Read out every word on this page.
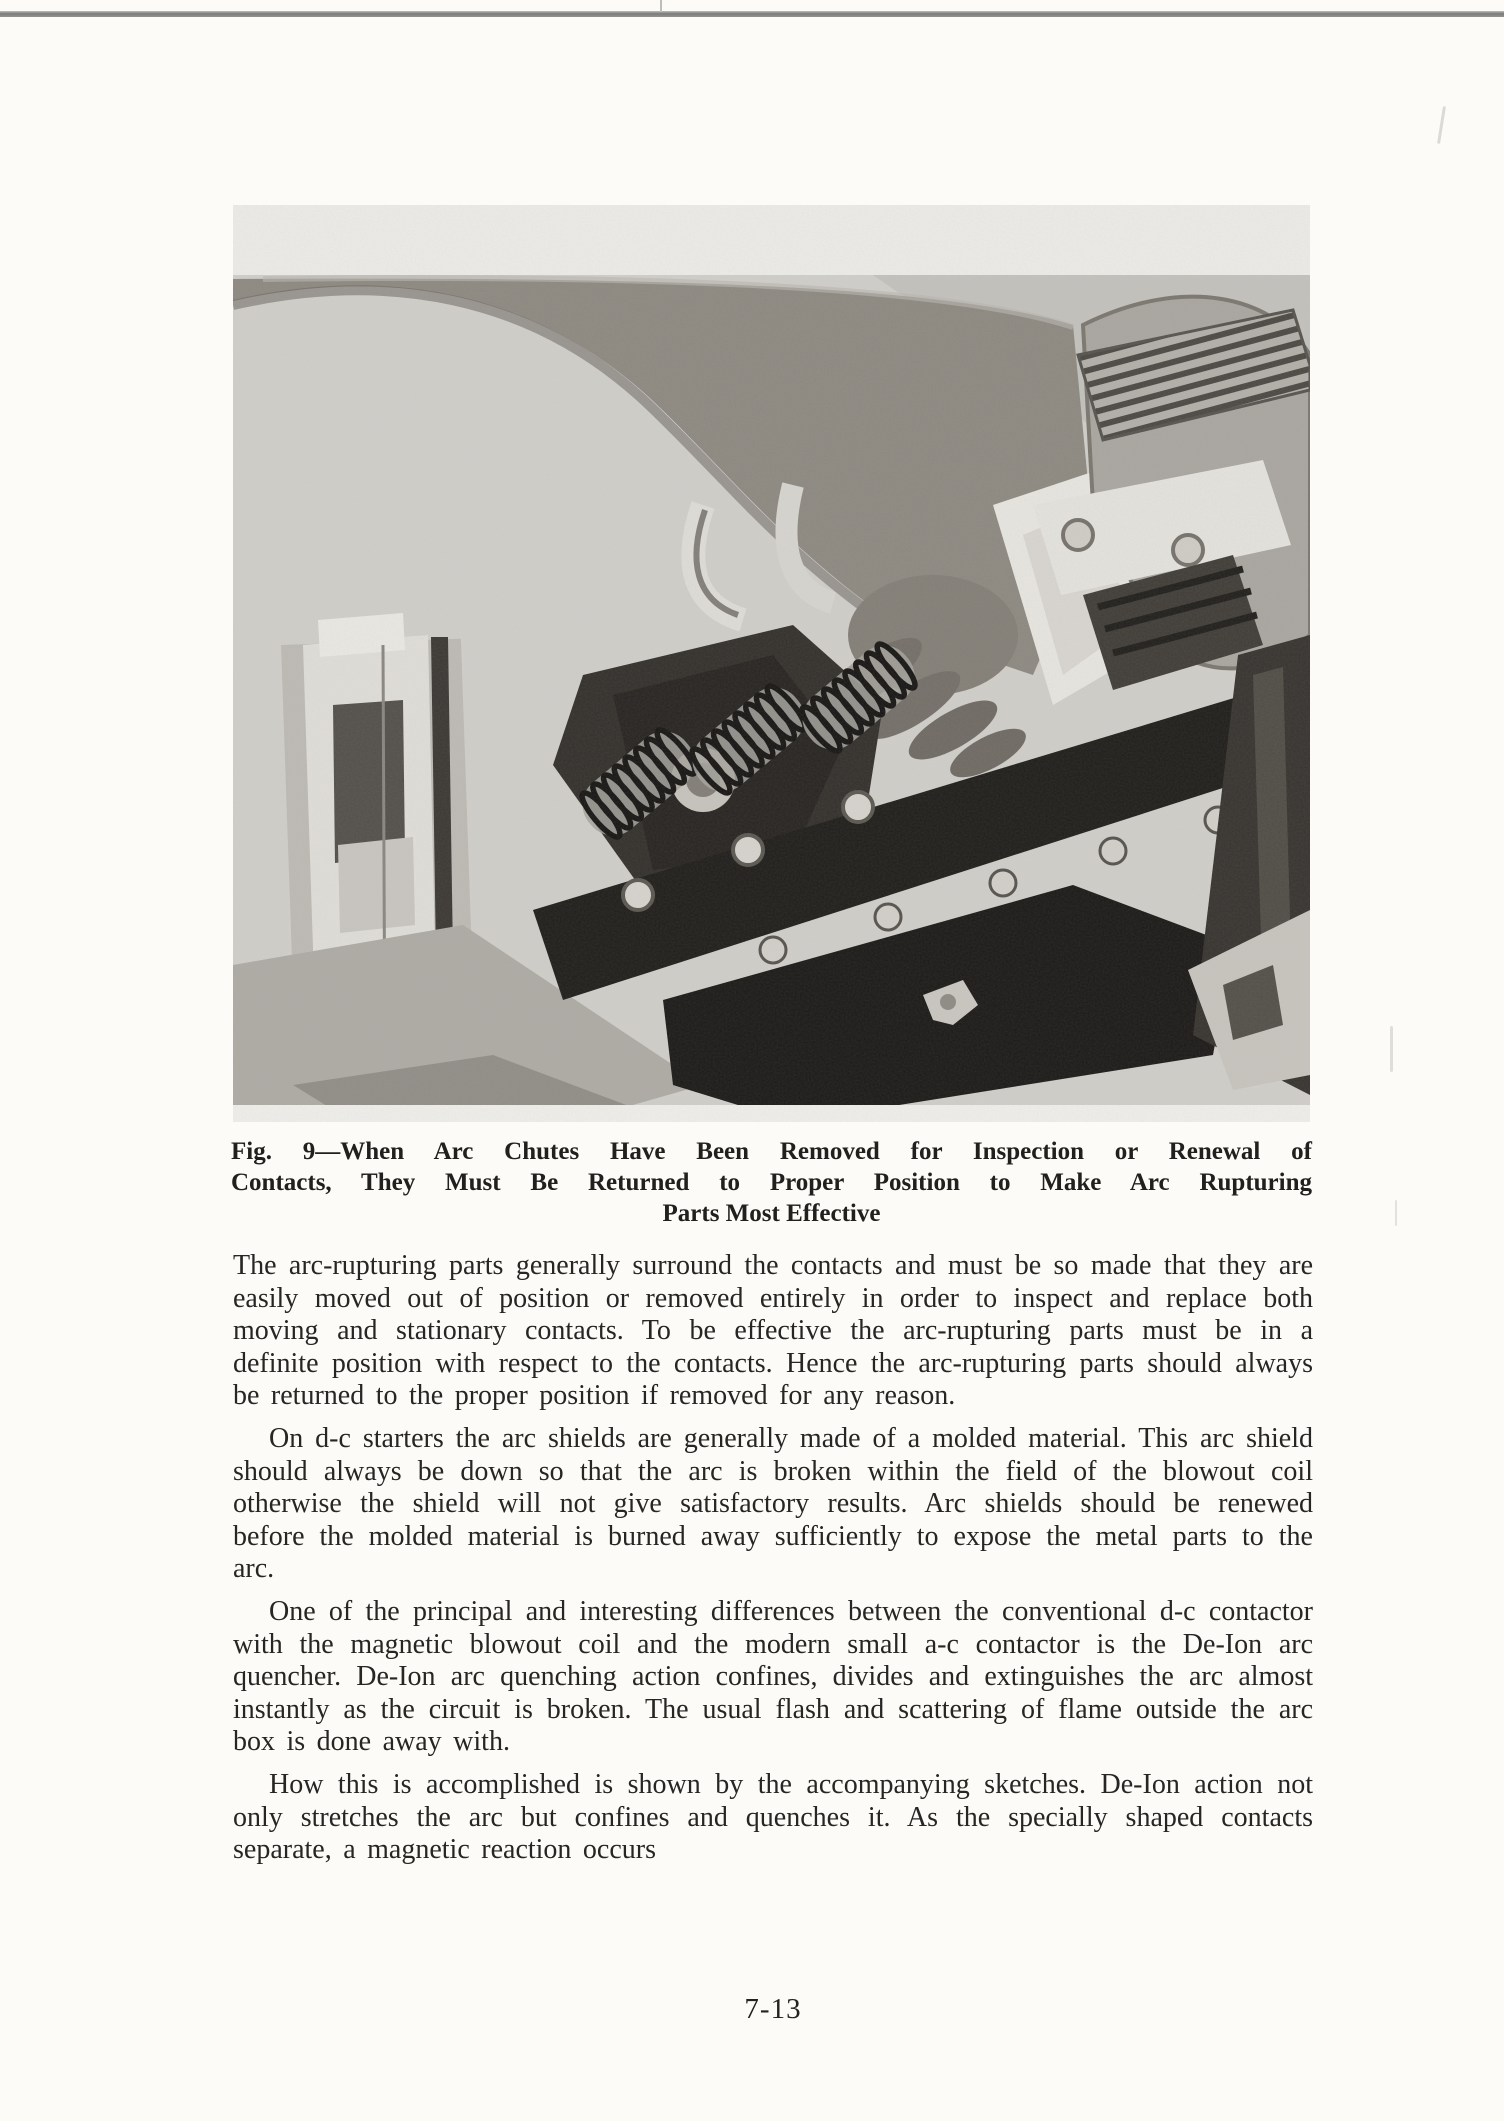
Fig. 9—When Arc Chutes Have Been Removed for Inspection or Renewal of
Contacts, They Must Be Returned to Proper Position to Make Arc Rupturing
Parts Most Effective

The arc-rupturing parts generally surround the contacts and must be so made that they are easily moved out of position or removed entirely in order to inspect and replace both moving and stationary contacts. To be effective the arc-rupturing parts must be in a definite position with respect to the contacts. Hence the arc-rupturing parts should always be returned to the proper position if removed for any reason.

On d-c starters the arc shields are generally made of a molded material. This arc shield should always be down so that the arc is broken within the field of the blowout coil otherwise the shield will not give satisfactory results. Arc shields should be renewed before the molded material is burned away sufficiently to expose the metal parts to the arc.

One of the principal and interesting differences between the conventional d-c contactor with the magnetic blowout coil and the modern small a-c contactor is the De-Ion arc quencher. De-Ion arc quenching action confines, divides and extinguishes the arc almost instantly as the circuit is broken. The usual flash and scattering of flame outside the arc box is done away with.

How this is accomplished is shown by the accompanying sketches. De-Ion action not only stretches the arc but confines and quenches it. As the specially shaped contacts separate, a magnetic reaction occurs

7-13
